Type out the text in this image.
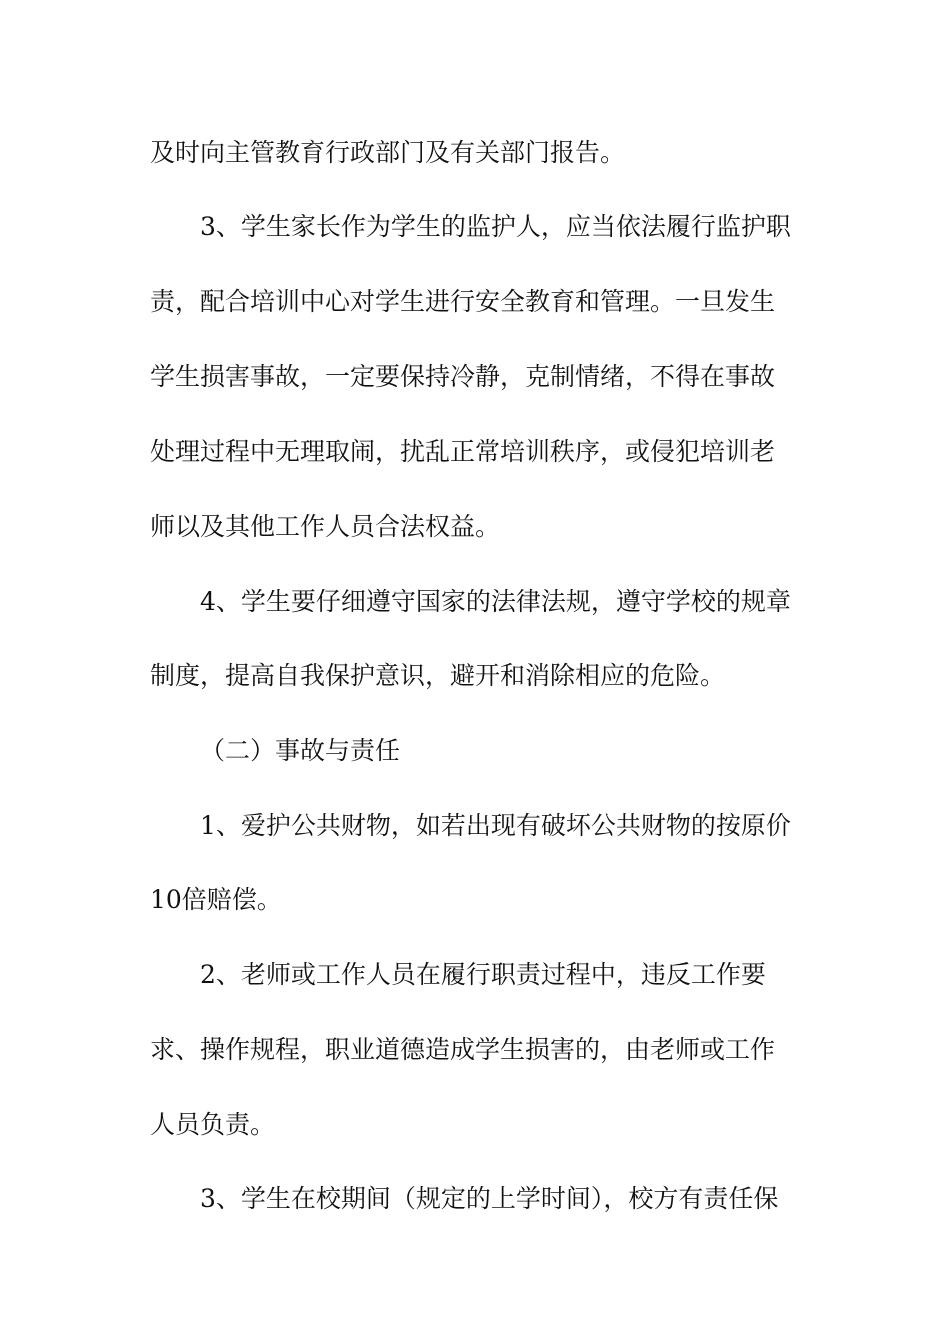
及时向主管教育行政部门及有关部门报告。
3、学生家长作为学生的监护人，应当依法履行监护职
责，配合培训中心对学生进行安全教育和管理。一旦发生
学生损害事故，一定要保持冷静，克制情绪，不得在事故
处理过程中无理取闹，扰乱正常培训秩序，或侵犯培训老
师以及其他工作人员合法权益。
4、学生要仔细遵守国家的法律法规，遵守学校的规章
制度，提高自我保护意识，避开和消除相应的危险。
（二）事故与责任
1、爱护公共财物，如若出现有破坏公共财物的按原价
10倍赔偿。
2、老师或工作人员在履行职责过程中，违反工作要
求、操作规程，职业道德造成学生损害的，由老师或工作
人员负责。
3、学生在校期间（规定的上学时间），校方有责任保
